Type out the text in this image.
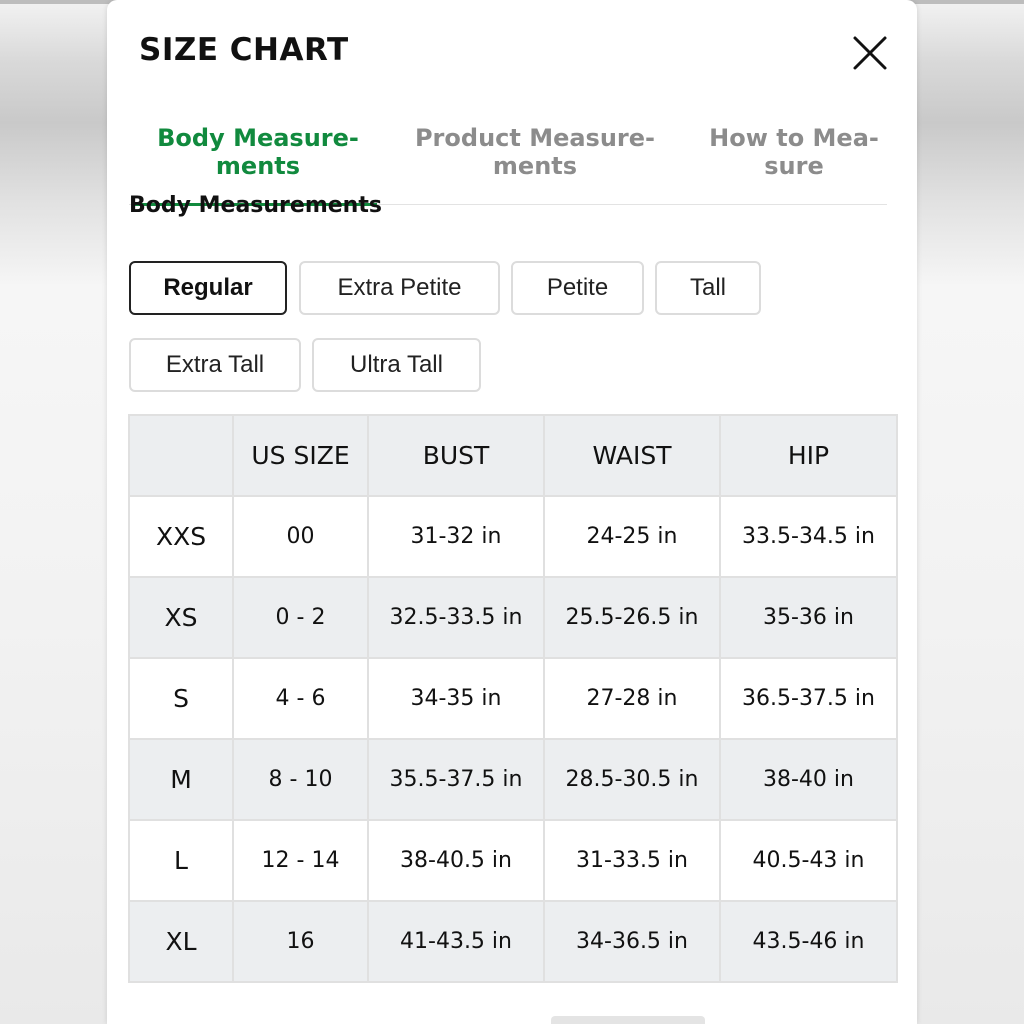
SIZE CHART
Body Measure-
ments
Product Measure-
ments
How to Mea-
sure
Body Measurements
Regular	Extra Petite	Petite	Tall
Extra Tall	Ultra Tall
	US SIZE	BUST	WAIST	HIP
XXS	00	31-32 in	24-25 in	33.5-34.5 in
XS	0 - 2	32.5-33.5 in	25.5-26.5 in	35-36 in
S	4 - 6	34-35 in	27-28 in	36.5-37.5 in
M	8 - 10	35.5-37.5 in	28.5-30.5 in	38-40 in
L	12 - 14	38-40.5 in	31-33.5 in	40.5-43 in
XL	16	41-43.5 in	34-36.5 in	43.5-46 in
